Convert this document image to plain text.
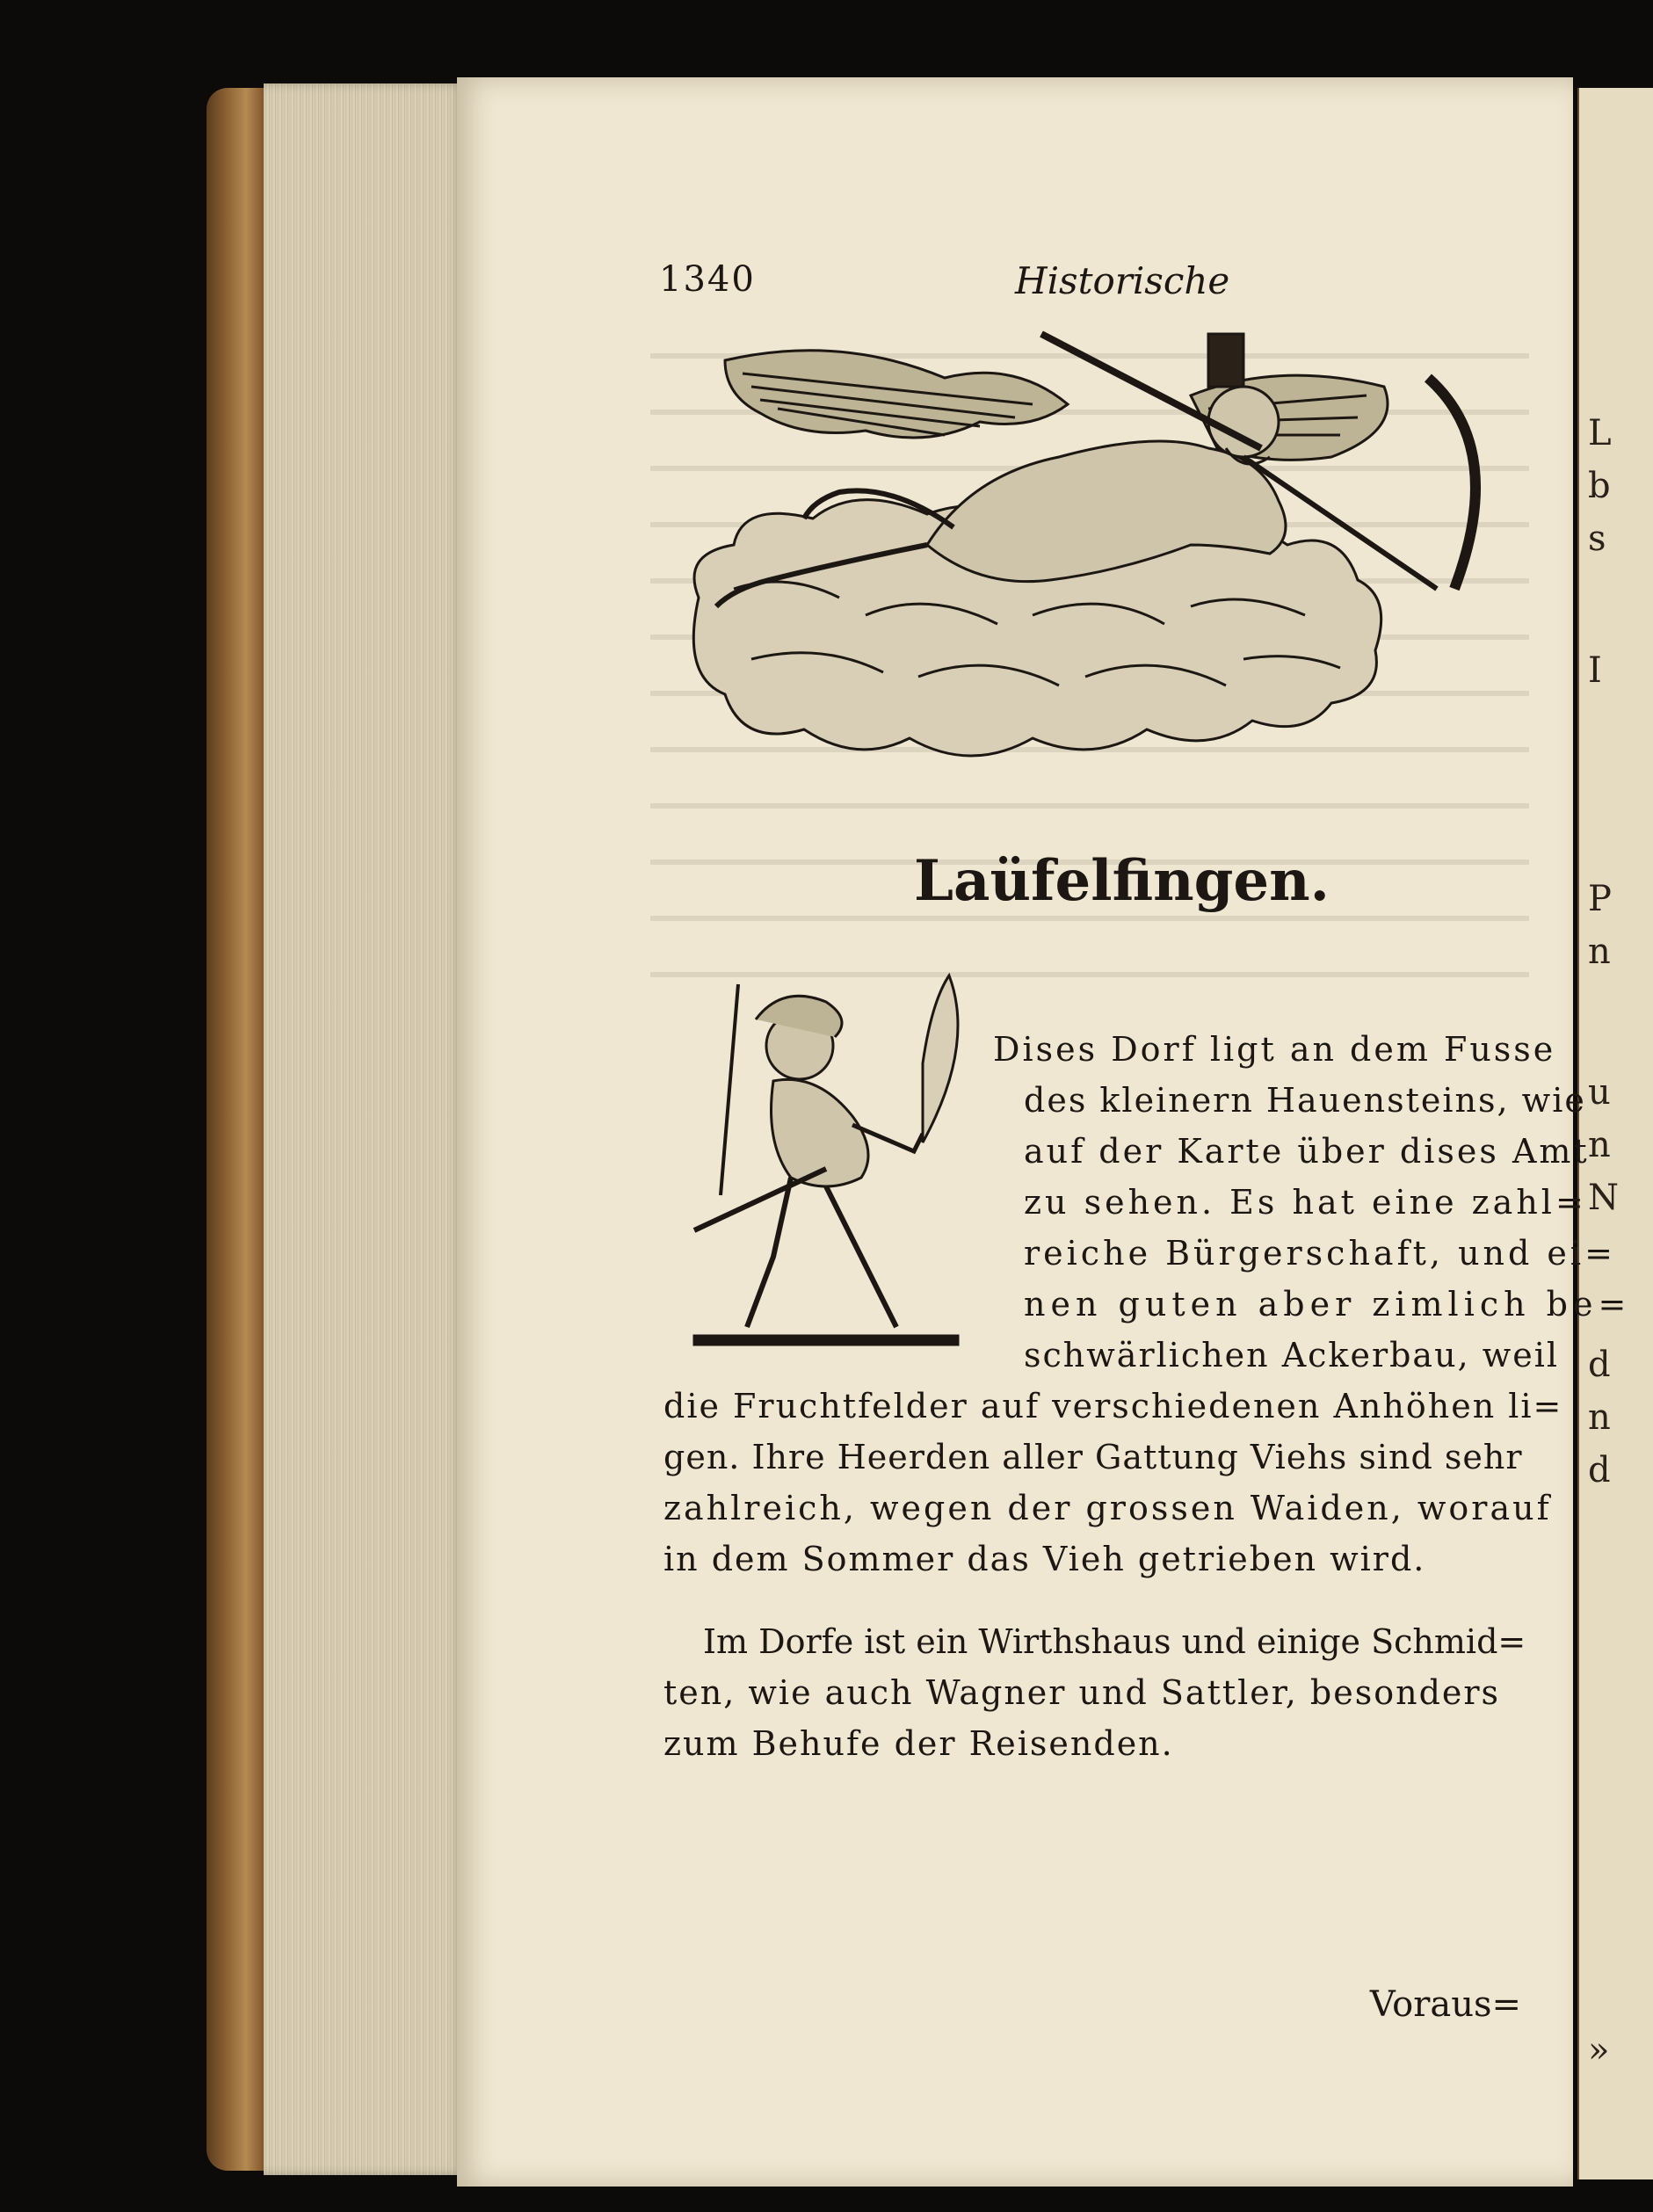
L
b
s
I
P
n
u
n
N
d
n
d
»
1340	Historische
Laüfelfingen.
Dises Dorf ligt an dem Fusse
des kleinern Hauensteins, wie
auf der Karte über dises Amt
zu sehen. Es hat eine zahl=
reiche Bürgerschaft, und ei=
nen guten aber zimlich be=
schwärlichen Ackerbau, weil
die Fruchtfelder auf verschiedenen Anhöhen li=
gen. Ihre Heerden aller Gattung Viehs sind sehr
zahlreich, wegen der grossen Waiden, worauf
in dem Sommer das Vieh getrieben wird.
Im Dorfe ist ein Wirthshaus und einige Schmid=
ten, wie auch Wagner und Sattler, besonders
zum Behufe der Reisenden.
Voraus=
